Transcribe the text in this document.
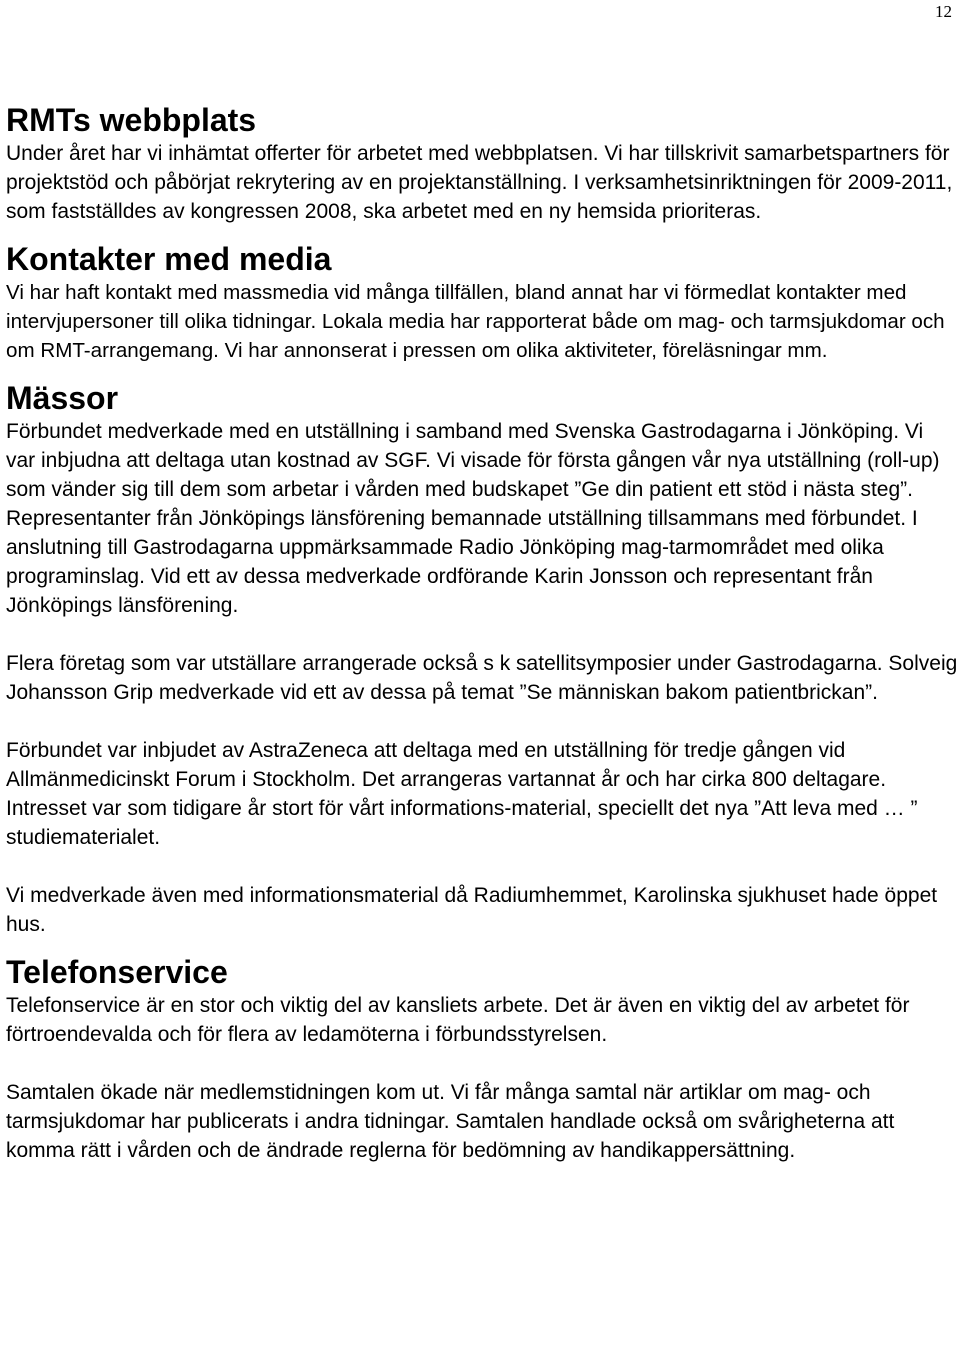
12
RMTs webbplats

Under året har vi inhämtat offerter för arbetet med webbplatsen. Vi har tillskrivit samarbetspartners för projektstöd och påbörjat rekrytering av en projektanställning. I verksamhetsinriktningen för 2009-2011, som fastställdes av kongressen 2008, ska arbetet med en ny hemsida prioriteras.

Kontakter med media

Vi har haft kontakt med massmedia vid många tillfällen, bland annat har vi förmedlat kontakter med intervjupersoner till olika tidningar. Lokala media har rapporterat både om mag- och tarmsjukdomar och om RMT-arrangemang. Vi har annonserat i pressen om olika aktiviteter, föreläsningar mm.

Mässor

Förbundet medverkade med en utställning i samband med Svenska Gastrodagarna i Jönköping. Vi var inbjudna att deltaga utan kostnad av SGF. Vi visade för första gången vår nya utställning (roll-up) som vänder sig till dem som arbetar i vården med budskapet ”Ge din patient ett stöd i nästa steg”. Representanter från Jönköpings länsförening bemannade utställning tillsammans med förbundet. I anslutning till Gastrodagarna uppmärksammade Radio Jönköping mag-tarmområdet med olika programinslag. Vid ett av dessa medverkade ordförande Karin Jonsson och representant från Jönköpings länsförening.

Flera företag som var utställare arrangerade också s k satellitsymposier under Gastrodagarna. Solveig Johansson Grip medverkade vid ett av dessa på temat ”Se människan bakom patientbrickan”.

Förbundet var inbjudet av AstraZeneca att deltaga med en utställning för tredje gången vid Allmänmedicinskt Forum i Stockholm. Det arrangeras vartannat år och har cirka 800 deltagare. Intresset var som tidigare år stort för vårt informations-material, speciellt det nya ”Att leva med … ” studiematerialet.

Vi medverkade även med informationsmaterial då Radiumhemmet, Karolinska sjukhuset hade öppet hus.

Telefonservice

Telefonservice är en stor och viktig del av kansliets arbete. Det är även en viktig del av arbetet för förtroendevalda och för flera av ledamöterna i förbundsstyrelsen.

Samtalen ökade när medlemstidningen kom ut. Vi får många samtal när artiklar om mag- och tarmsjukdomar har publicerats i andra tidningar. Samtalen handlade också om svårigheterna att komma rätt i vården och de ändrade reglerna för bedömning av handikappersättning.
